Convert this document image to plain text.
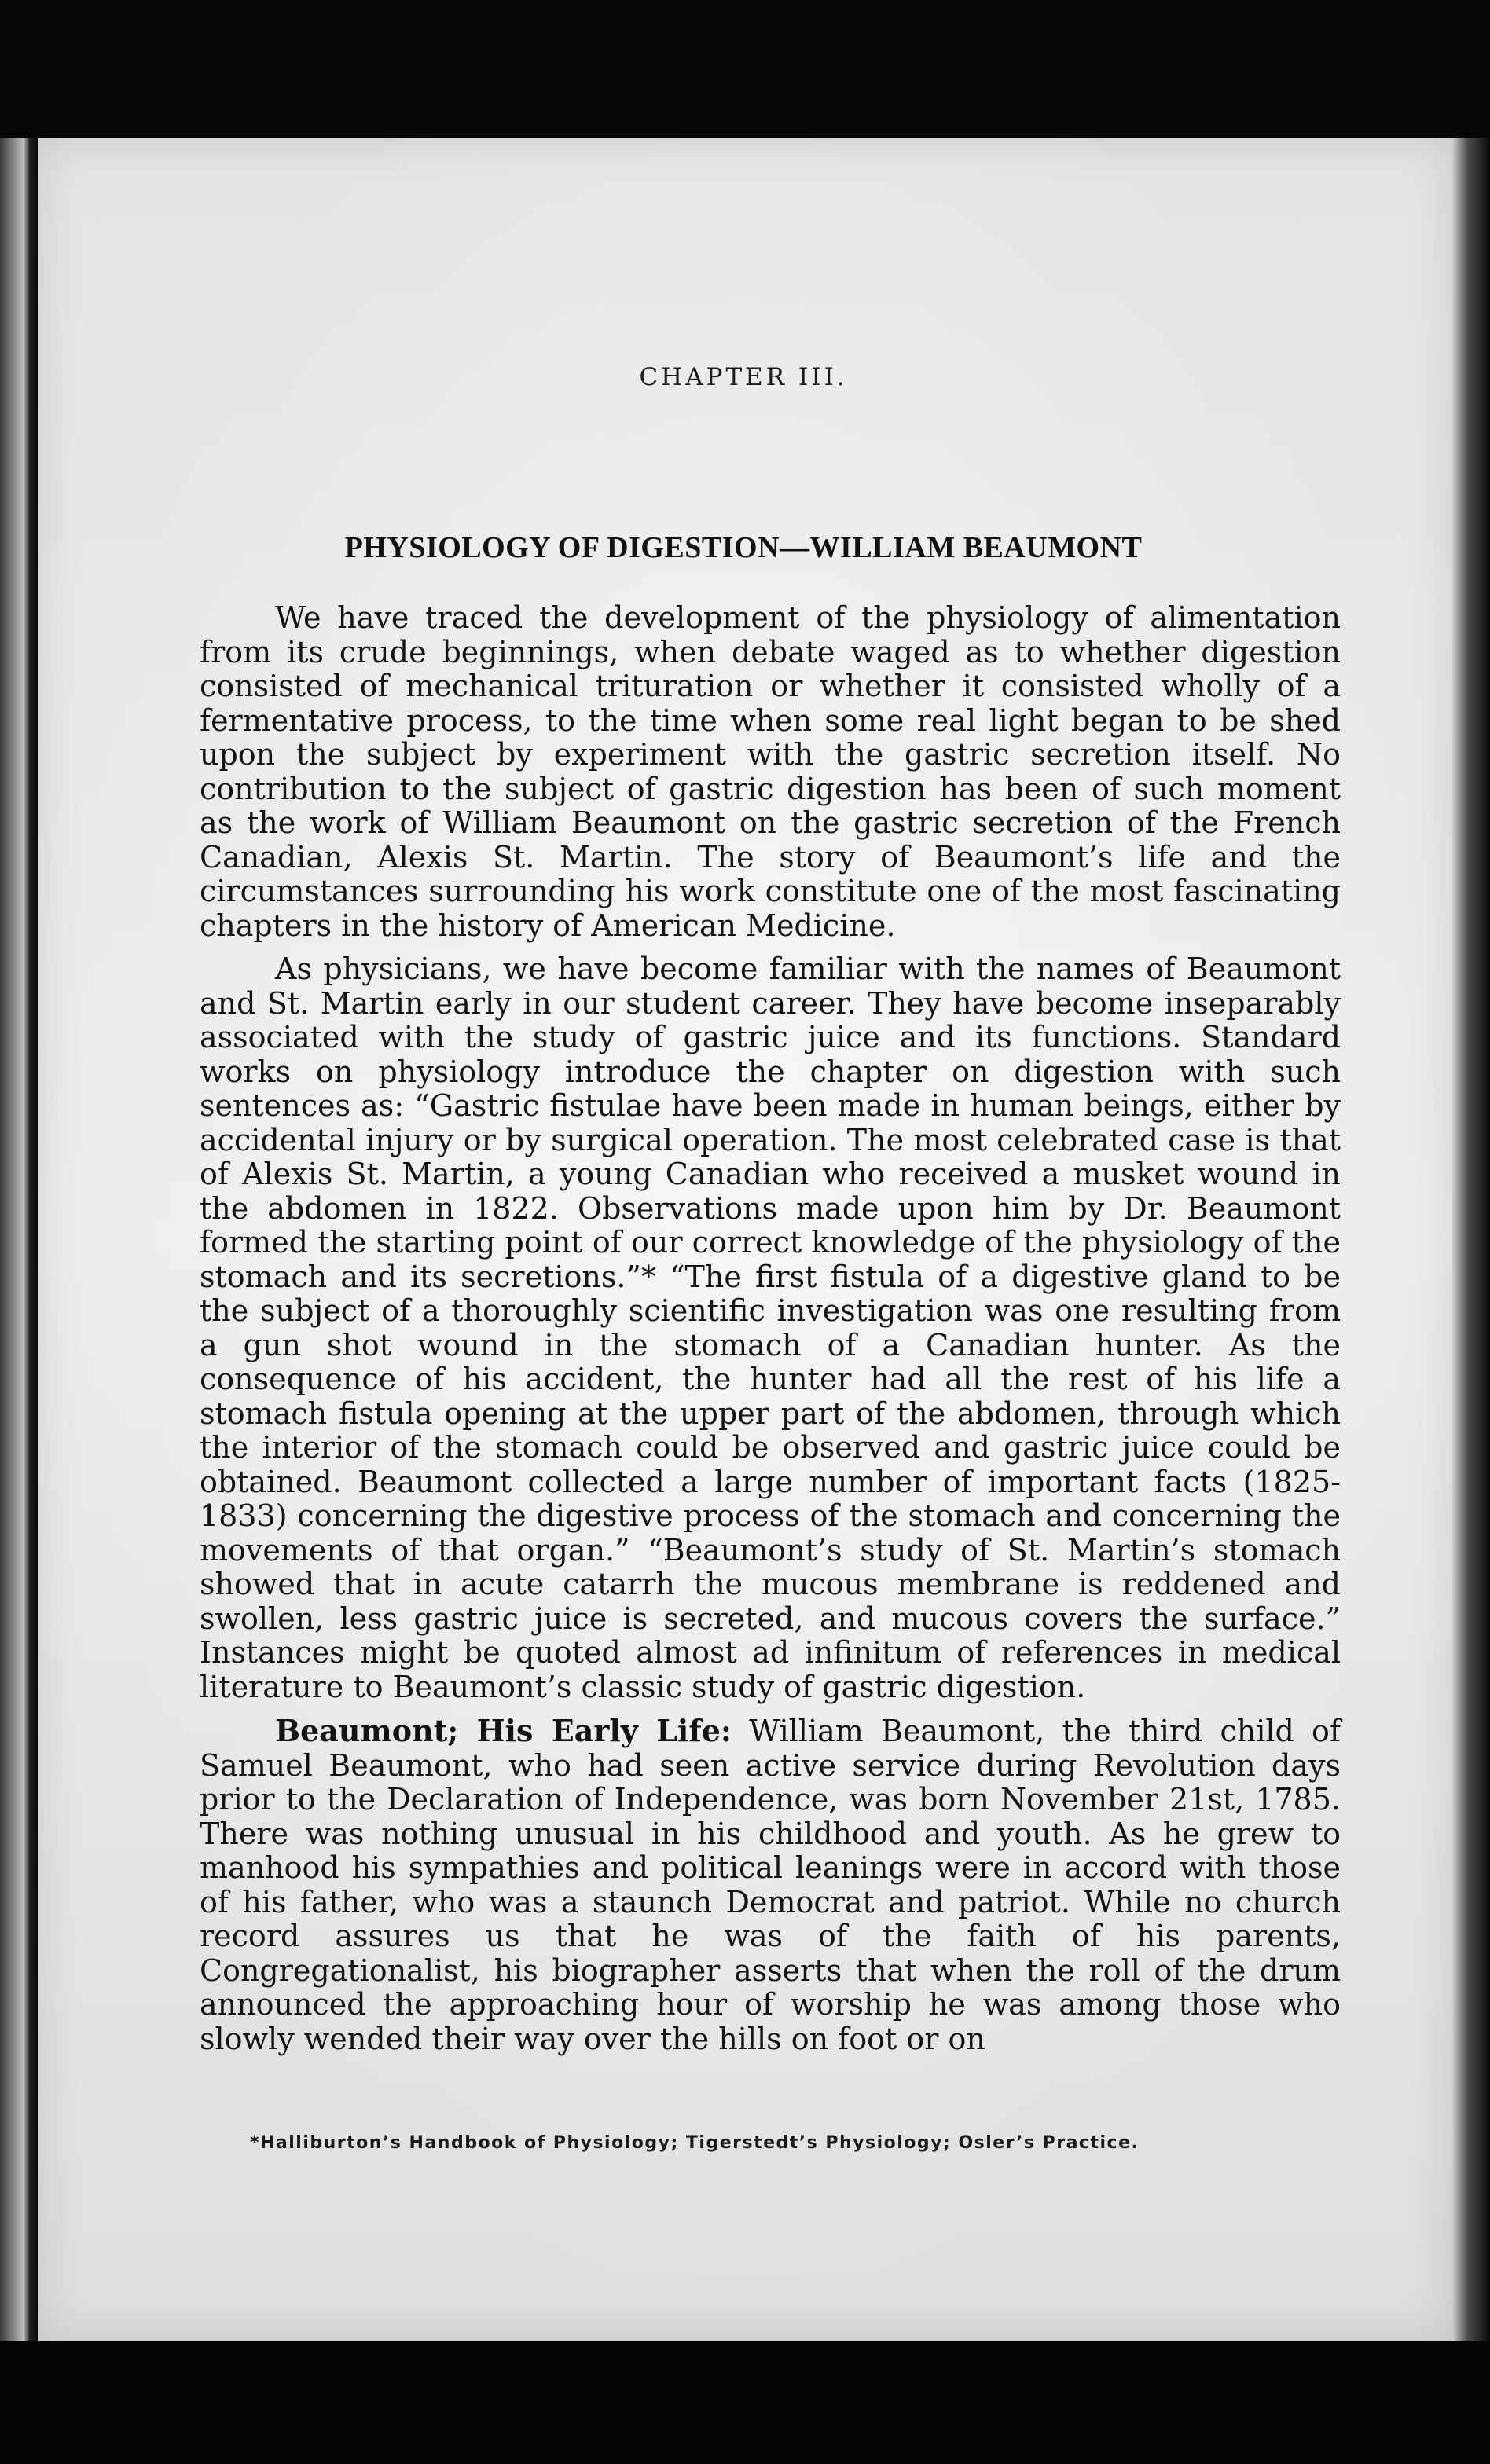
CHAPTER III.
PHYSIOLOGY OF DIGESTION—WILLIAM BEAUMONT

We have traced the development of the physiology of alimentation from its crude beginnings, when debate waged as to whether digestion consisted of mechanical trituration or whether it consisted wholly of a fermentative process, to the time when some real light began to be shed upon the subject by experiment with the gastric secretion itself. No contribution to the subject of gastric digestion has been of such moment as the work of William Beaumont on the gastric secretion of the French Canadian, Alexis St. Martin. The story of Beaumont’s life and the circumstances surrounding his work constitute one of the most fascinating chapters in the history of American Medicine.

As physicians, we have become familiar with the names of Beaumont and St. Martin early in our student career. They have become inseparably associated with the study of gastric juice and its functions. Standard works on physiology introduce the chapter on digestion with such sentences as: “Gastric fistulae have been made in human beings, either by accidental injury or by surgical operation. The most celebrated case is that of Alexis St. Martin, a young Canadian who received a musket wound in the abdomen in 1822. Observations made upon him by Dr. Beaumont formed the starting point of our correct knowledge of the physiology of the stomach and its secretions.”* “The first fistula of a digestive gland to be the subject of a thoroughly scientific investigation was one resulting from a gun shot wound in the stomach of a Canadian hunter. As the consequence of his accident, the hunter had all the rest of his life a stomach fistula opening at the upper part of the abdomen, through which the interior of the stomach could be observed and gastric juice could be obtained. Beaumont collected a large number of important facts (1825-1833) concerning the digestive process of the stomach and concerning the movements of that organ.” “Beaumont’s study of St. Martin’s stomach showed that in acute catarrh the mucous membrane is reddened and swollen, less gastric juice is secreted, and mucous covers the surface.” Instances might be quoted almost ad infinitum of references in medical literature to Beaumont’s classic study of gastric digestion.

Beaumont; His Early Life: William Beaumont, the third child of Samuel Beaumont, who had seen active service during Revolution days prior to the Declaration of Independence, was born November 21st, 1785. There was nothing unusual in his childhood and youth. As he grew to manhood his sympathies and political leanings were in accord with those of his father, who was a staunch Democrat and patriot. While no church record assures us that he was of the faith of his parents, Congregationalist, his biographer asserts that when the roll of the drum announced the approaching hour of worship he was among those who slowly wended their way over the hills on foot or on

*Halliburton’s Handbook of Physiology; Tigerstedt’s Physiology; Osler’s Practice.
